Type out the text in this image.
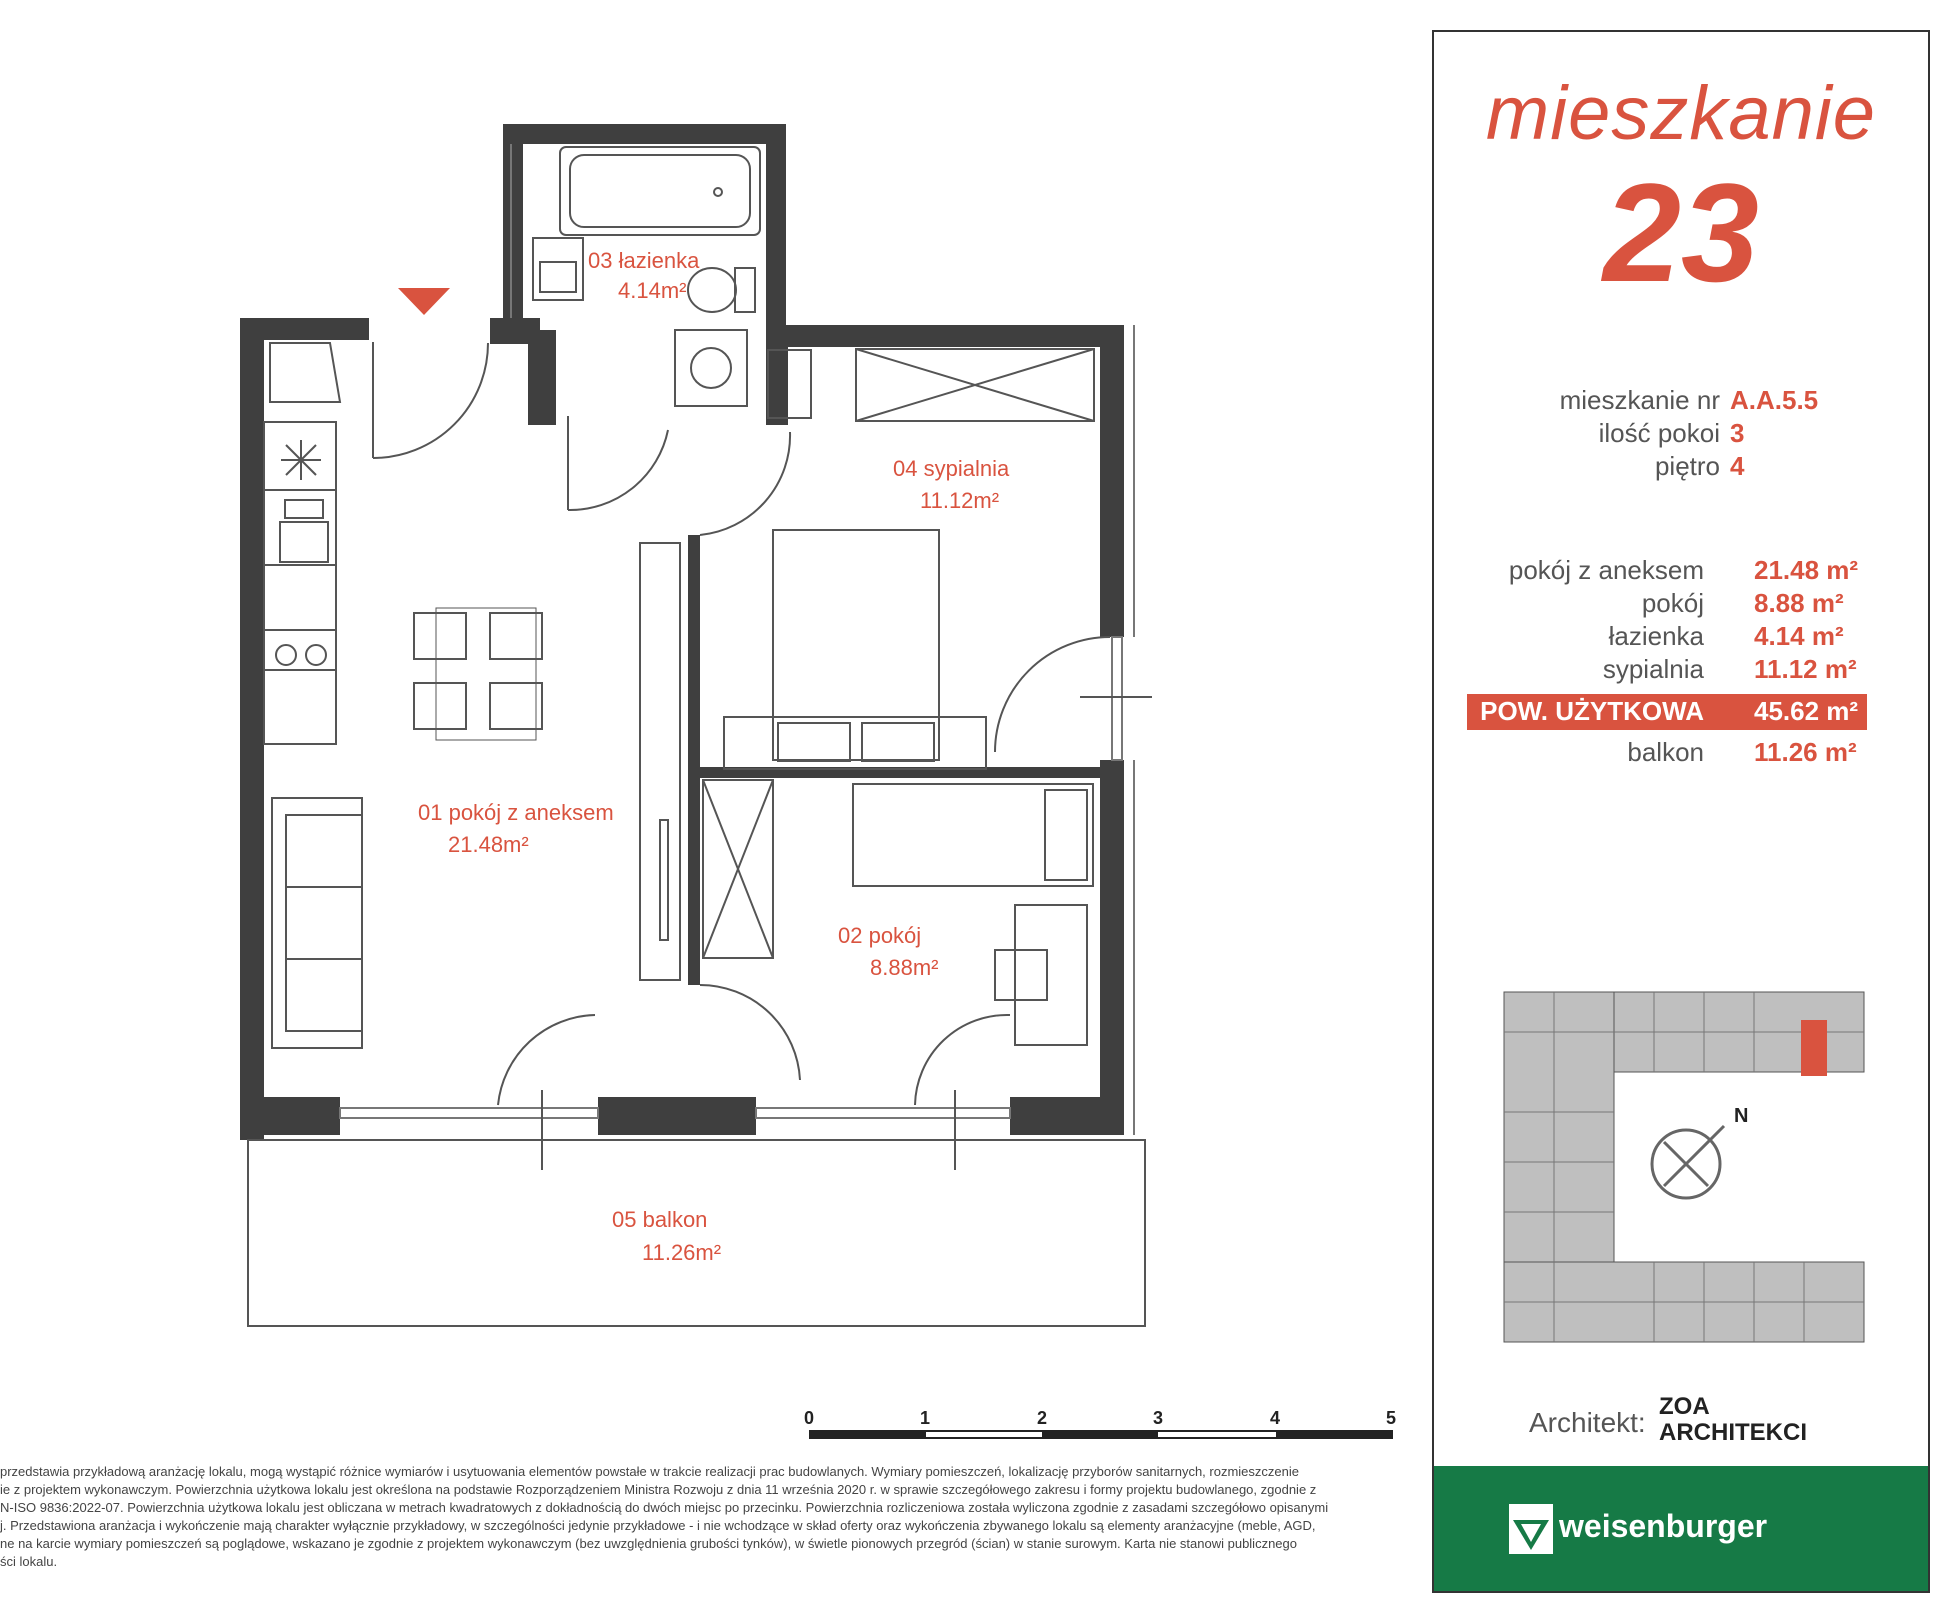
03 łazienka
4.14m²
04 sypialnia
11.12m²
01 pokój z aneksem
21.48m²
02 pokój
8.88m²
05 balkon
11.26m²
0	1	2	3	4	5

przedstawia przykładową aranżację lokalu, mogą wystąpić różnice wymiarów i usytuowania elementów powstałe w trakcie realizacji prac budowlanych. Wymiary pomieszczeń, lokalizację przyborów sanitarnych, rozmieszczenie

ie z projektem wykonawczym. Powierzchnia użytkowa lokalu jest określona na podstawie Rozporządzeniem Ministra Rozwoju z dnia 11 września 2020 r. w sprawie szczegółowego zakresu i formy projektu budowlanego, zgodnie z

N-ISO 9836:2022-07. Powierzchnia użytkowa lokalu jest obliczana w metrach kwadratowych z dokładnością do dwóch miejsc po przecinku. Powierzchnia rozliczeniowa została wyliczona zgodnie z zasadami szczegółowo opisanymi

j. Przedstawiona aranżacja i wykończenie mają charakter wyłącznie przykładowy, w szczególności jedynie przykładowe - i nie wchodzące w skład oferty oraz wykończenia zbywanego lokalu są elementy aranżacyjne (meble, AGD,

ne na karcie wymiary pomieszczeń są poglądowe, wskazano je zgodnie z projektem wykonawczym (bez uwzględnienia grubości tynków), w świetle pionowych przegród (ścian) w stanie surowym. Karta nie stanowi publicznego

ści lokalu.

mieszkanie
23
mieszkanie nr A.A.5.5
ilość pokoi 3
piętro 4
pokój z aneksem 21.48 m²
pokój 8.88 m²
łazienka 4.14 m²
sypialnia 11.12 m²
POW. UŻYTKOWA 45.62 m²
balkon 11.26 m²
N
Architekt:
ZOA
ARCHITEKCI
weisenburger
